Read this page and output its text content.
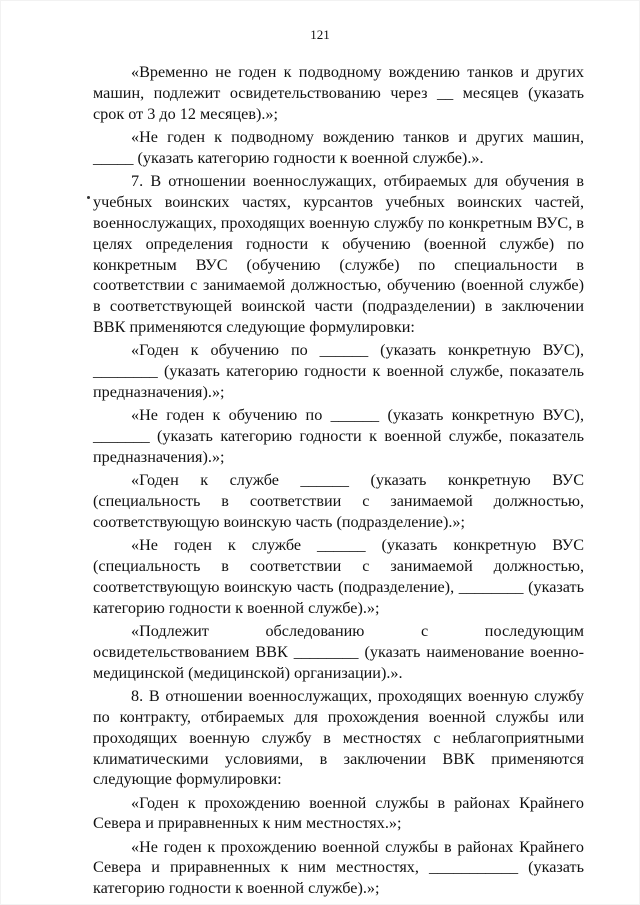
121

«Временно не годен к подводному вождению танков и других машин, подлежит освидетельствованию через __ месяцев (указать срок от 3 до 12 месяцев).»;

«Не годен к подводному вождению танков и других машин, _____ (указать категорию годности к военной службе).».

7. В отношении военнослужащих, отбираемых для обучения в учебных воинских частях, курсантов учебных воинских частей, военнослужащих, проходящих военную службу по конкретным ВУС, в целях определения годности к обучению (военной службе) по конкретным ВУС (обучению (службе) по специальности в соответствии с занимаемой должностью, обучению (военной службе) в соответствующей воинской части (подразделении) в заключении ВВК применяются следующие формулировки:

«Годен к обучению по ______ (указать конкретную ВУС), ________ (указать категорию годности к военной службе, показатель предназначения).»;

«Не годен к обучению по ______ (указать конкретную ВУС), _______ (указать категорию годности к военной службе, показатель предназначения).»;

«Годен к службе ______ (указать конкретную ВУС (специальность в соответствии с занимаемой должностью, соответствующую воинскую часть (подразделение).»;

«Не годен к службе ______ (указать конкретную ВУС (специальность в соответствии с занимаемой должностью, соответствующую воинскую часть (подразделение), ________ (указать категорию годности к военной службе).»;

«Подлежит обследованию с последующим освидетельствованием ВВК ________ (указать наименование военно-медицинской (медицинской) организации).».

8. В отношении военнослужащих, проходящих военную службу по контракту, отбираемых для прохождения военной службы или проходящих военную службу в местностях с неблагоприятными климатическими условиями, в заключении ВВК применяются следующие формулировки:

«Годен к прохождению военной службы в районах Крайнего Севера и приравненных к ним местностях.»;

«Не годен к прохождению военной службы в районах Крайнего Севера и приравненных к ним местностях, ___________ (указать категорию годности к военной службе).»;
